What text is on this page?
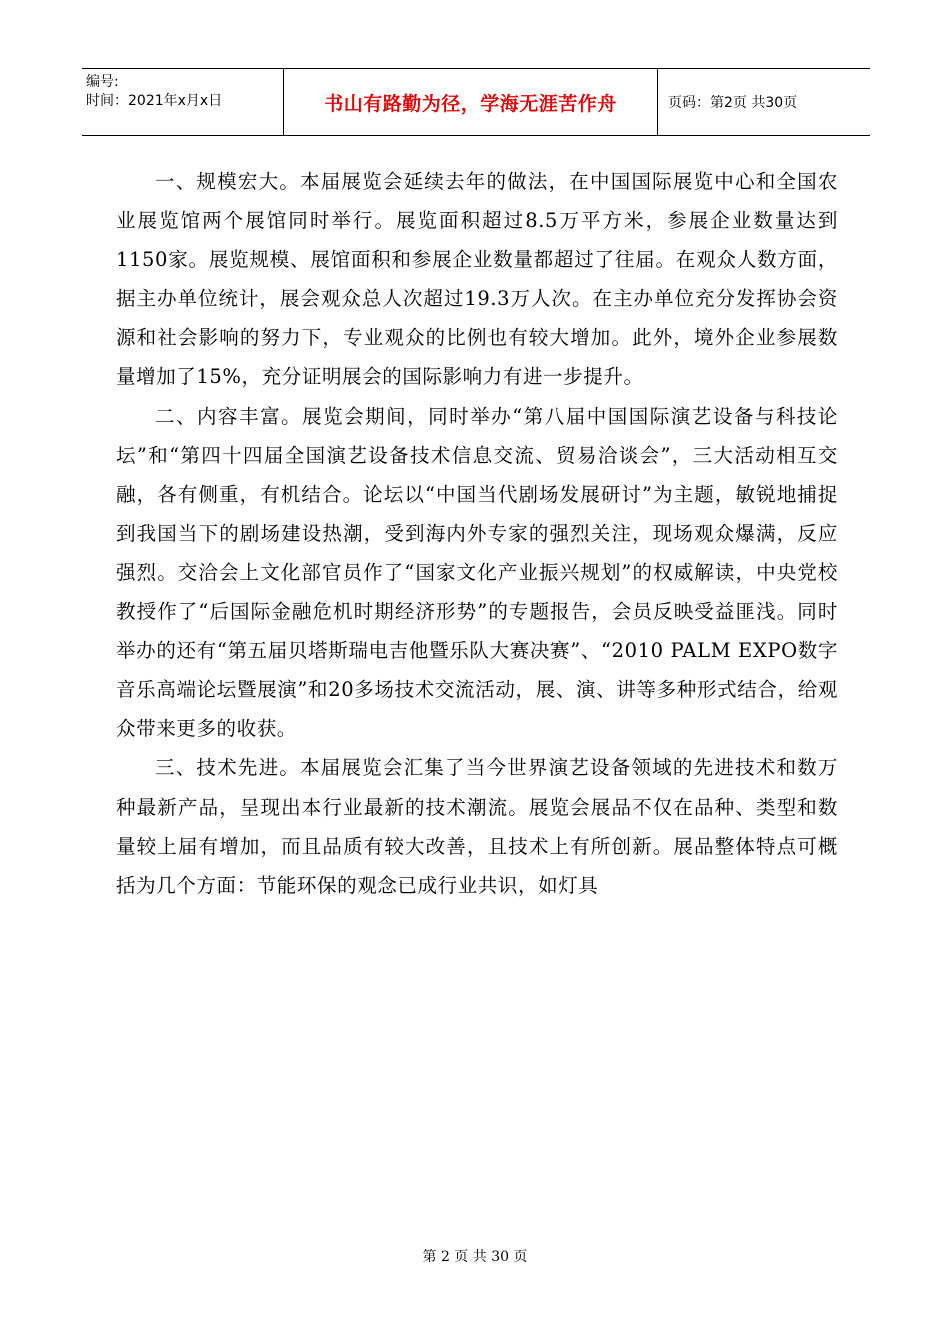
编号:
时间：2021年x月x日	书山有路勤为径，学海无涯苦作舟	页码：第2页 共30页

一、规模宏大。本届展览会延续去年的做法，在中国国际展览中心和全国农业展览馆两个展馆同时举行。展览面积超过8.5万平方米，参展企业数量达到1150家。展览规模、展馆面积和参展企业数量都超过了往届。在观众人数方面，据主办单位统计，展会观众总人次超过19.3万人次。在主办单位充分发挥协会资源和社会影响的努力下，专业观众的比例也有较大增加。此外，境外企业参展数量增加了15%，充分证明展会的国际影响力有进一步提升。

二、内容丰富。展览会期间，同时举办“第八届中国国际演艺设备与科技论坛”和“第四十四届全国演艺设备技术信息交流、贸易洽谈会”，三大活动相互交融，各有侧重，有机结合。论坛以“中国当代剧场发展研讨”为主题，敏锐地捕捉到我国当下的剧场建设热潮，受到海内外专家的强烈关注，现场观众爆满，反应强烈。交洽会上文化部官员作了“国家文化产业振兴规划”的权威解读，中央党校教授作了“后国际金融危机时期经济形势”的专题报告，会员反映受益匪浅。同时举办的还有“第五届贝塔斯瑞电吉他暨乐队大赛决赛”、“2010 PALM EXPO数字音乐高端论坛暨展演”和20多场技术交流活动，展、演、讲等多种形式结合，给观众带来更多的收获。

三、技术先进。本届展览会汇集了当今世界演艺设备领域的先进技术和数万种最新产品，呈现出本行业最新的技术潮流。展览会展品不仅在品种、类型和数量较上届有增加，而且品质有较大改善，且技术上有所创新。展品整体特点可概括为几个方面：节能环保的观念已成行业共识，如灯具

第 2 页 共 30 页
